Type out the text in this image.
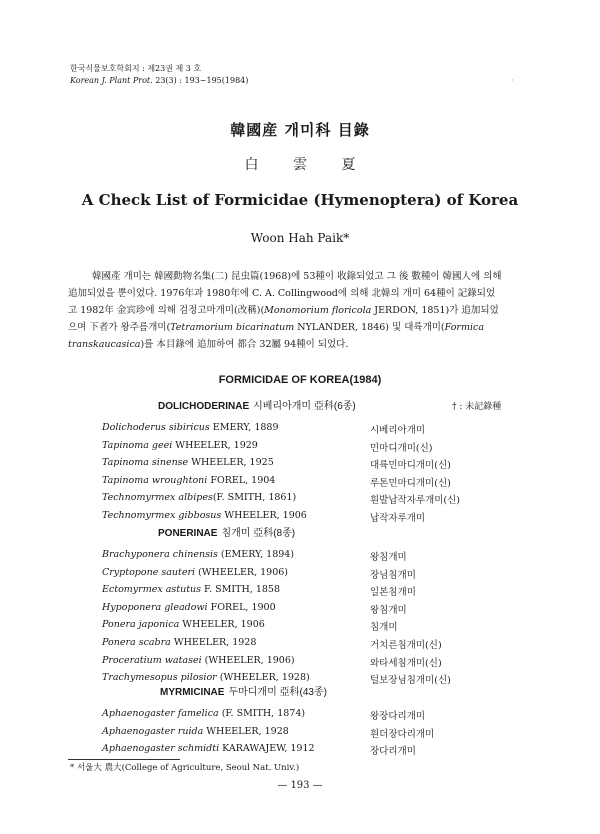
한국식물보호학회지 : 제23권 제 3 호
Korean J. Plant Prot. 23(3) : 193~195(1984)	·
韓國産 개미科 目錄
白 雲 夏
A Check List of Formicidae (Hymenoptera) of Korea
Woon Hah Paik*

韓國產 개미는 韓國動物名集(二) 昆虫篇(1968)에 53種이 收錄되었고 그 後 數種이 韓國人에 의해

追加되었을 뿐이었다. 1976年과 1980年에 C. A. Collingwood에 의해 北韓의 개미 64種이 記錄되었

고 1982年 金宾珍에 의해 검정고마개미(改稱)(Monomorium floricola JERDON, 1851)가 追加되었

으며 下者가 왕주름개미(Tetramorium bicarinatum NYLANDER, 1846) 및 대륙개미(Formica

transkaucasica)를 本目錄에 追加하여 都合 32屬 94種이 되었다.

FORMICIDAE OF KOREA(1984)
† : 未記錄種
DOLICHODERINAE 시베리아개미 亞科(6종)
Dolichoderus sibiricus EMERY, 1889	시베리아개미
Tapinoma geei WHEELER, 1929	민마디개미(신)
Tapinoma sinense WHEELER, 1925	대륙민마디개미(신)
Tapinoma wroughtoni FOREL, 1904	루톤민마디개미(신)
Technomyrmex albipes(F. SMITH, 1861)	흰발납작자루개미(신)
Technomyrmex gibbosus WHEELER, 1906	납작자루개미
PONERINAE 침개미 亞科(8종)
Brachyponera chinensis (EMERY, 1894)	왕침개미
Cryptopone sauteri (WHEELER, 1906)	장님침개미
Ectomyrmex astutus F. SMITH, 1858	일본침개미
Hypoponera gleadowi FOREL, 1900	왕침개미
Ponera japonica WHEELER, 1906	침개미
Ponera scabra WHEELER, 1928	거치른침개미(신)
Proceratium watasei (WHEELER, 1906)	와타세침개미(신)
Trachymesopus pilosior (WHEELER, 1928)	털보장님침개미(신)
MYRMICINAE 두마디개미 亞科(43종)
Aphaenogaster famelica (F. SMITH, 1874)	왕장다리개미
Aphaenogaster ruida WHEELER, 1928	흰더장다리개미
Aphaenogaster schmidti KARAWAJEW, 1912	장다리개미
* 서울大 農大(College of Agriculture, Seoul Nat. Univ.)
— 193 —
